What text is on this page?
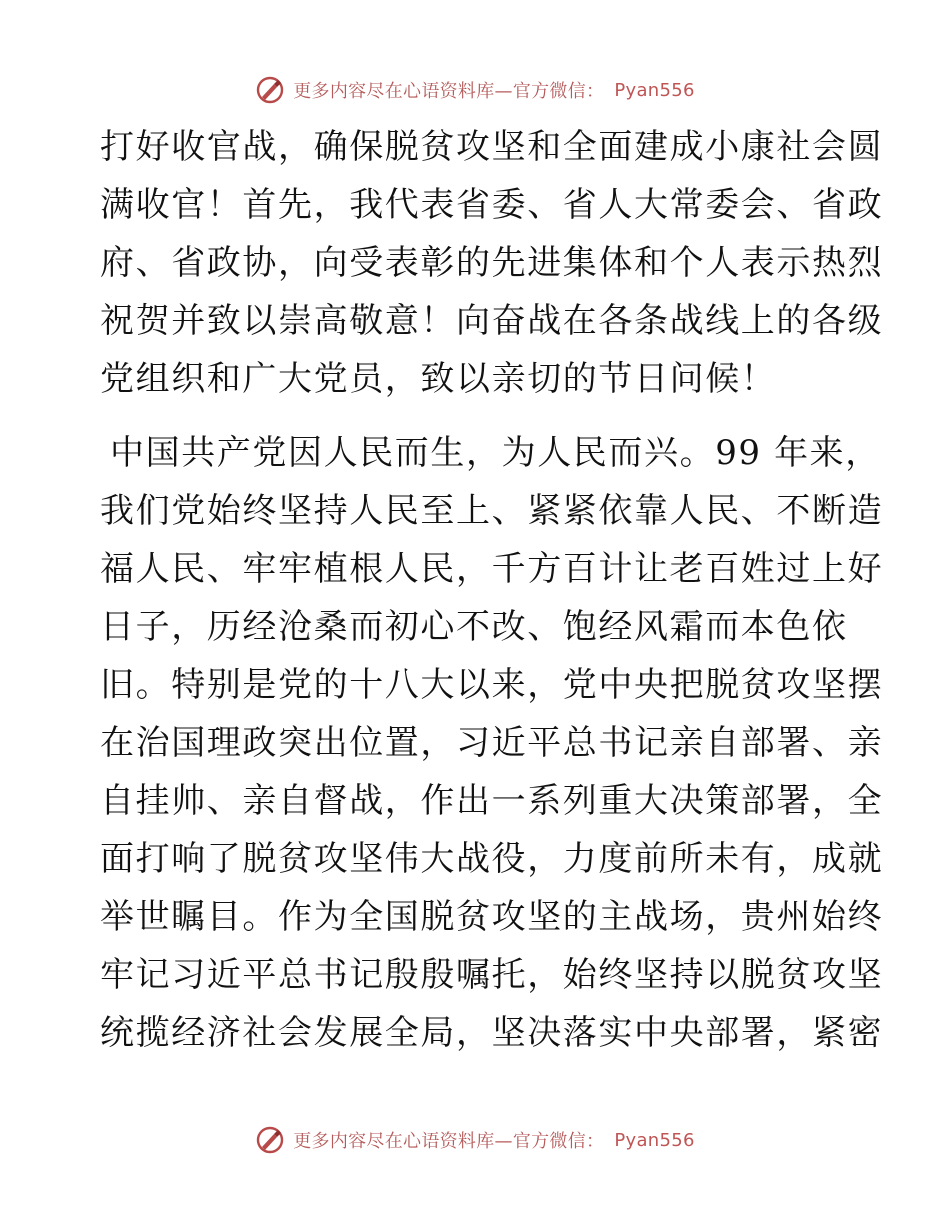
更多内容尽在心语资料库—官方微信： Pyan556
打好收官战，确保脱贫攻坚和全面建成小康社会圆
满收官！首先，我代表省委、省人大常委会、省政
府、省政协，向受表彰的先进集体和个人表示热烈
祝贺并致以崇高敬意！向奋战在各条战线上的各级
党组织和广大党员，致以亲切的节日问候！
中国共产党因人民而生，为人民而兴。99 年来，
我们党始终坚持人民至上、紧紧依靠人民、不断造
福人民、牢牢植根人民，千方百计让老百姓过上好
日子，历经沧桑而初心不改、饱经风霜而本色依
旧。特别是党的十八大以来，党中央把脱贫攻坚摆
在治国理政突出位置，习近平总书记亲自部署、亲
自挂帅、亲自督战，作出一系列重大决策部署，全
面打响了脱贫攻坚伟大战役，力度前所未有，成就
举世瞩目。作为全国脱贫攻坚的主战场，贵州始终
牢记习近平总书记殷殷嘱托，始终坚持以脱贫攻坚
统揽经济社会发展全局，坚决落实中央部署，紧密
更多内容尽在心语资料库—官方微信： Pyan556
